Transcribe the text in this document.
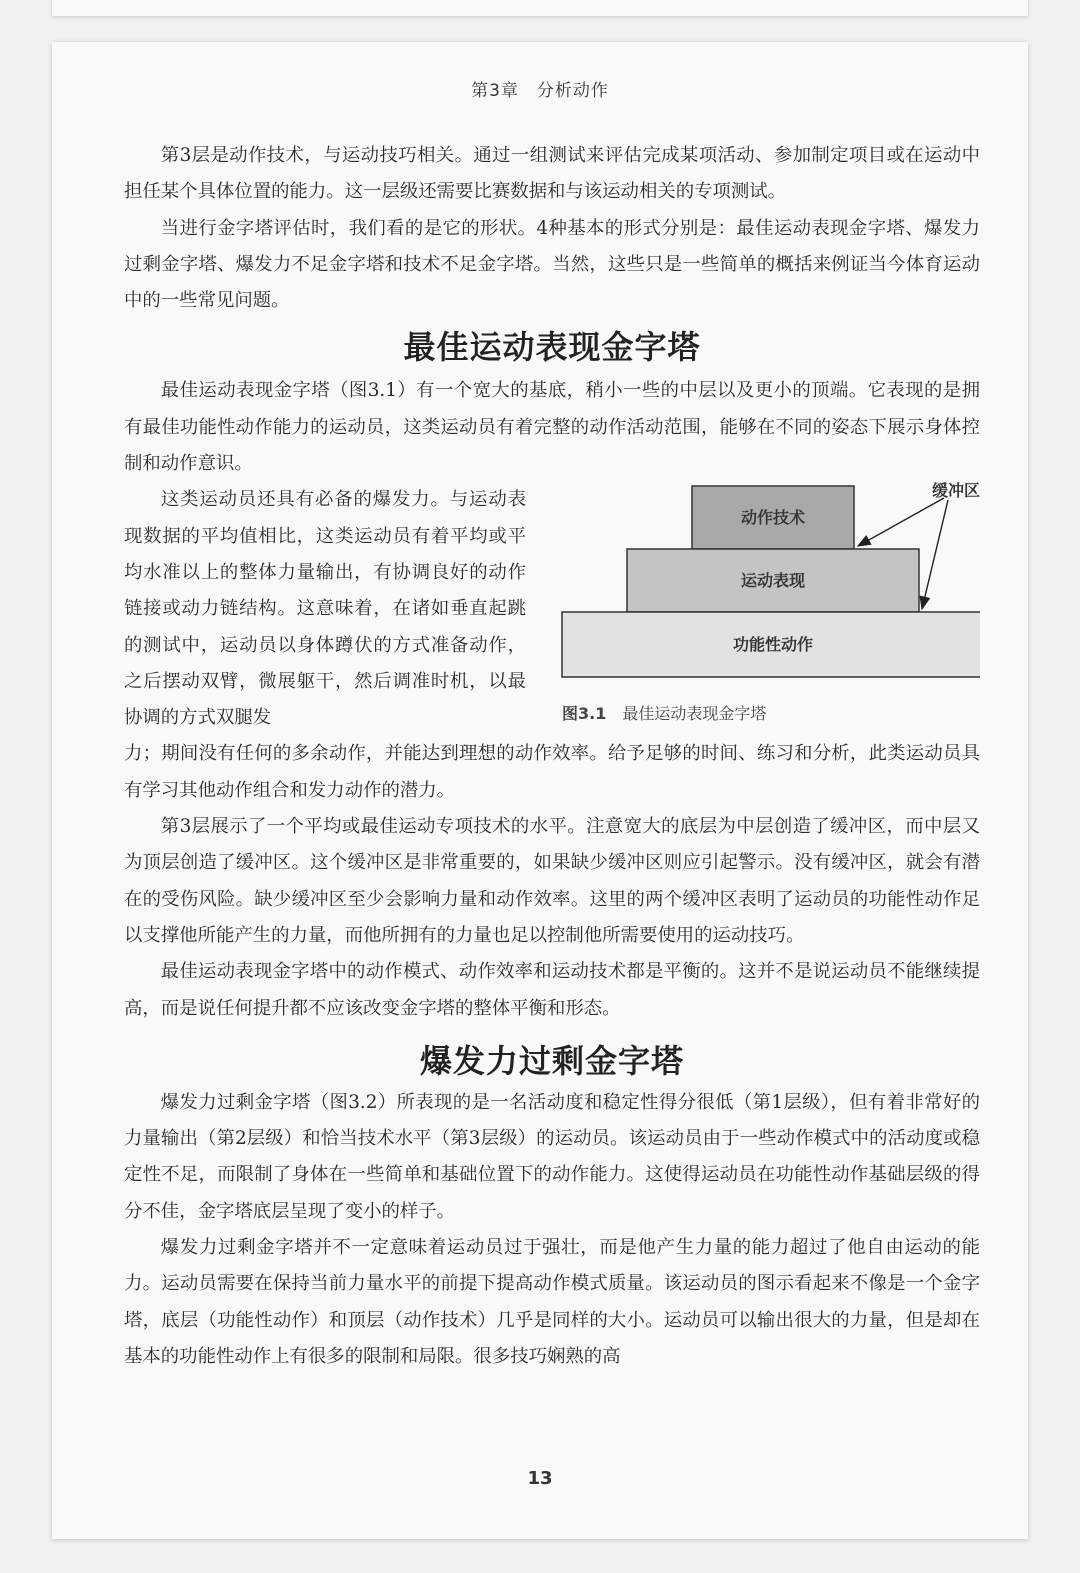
第3章　分析动作

第3层是动作技术，与运动技巧相关。通过一组测试来评估完成某项活动、参加制定项目或在运动中担任某个具体位置的能力。这一层级还需要比赛数据和与该运动相关的专项测试。

当进行金字塔评估时，我们看的是它的形状。4种基本的形式分别是：最佳运动表现金字塔、爆发力过剩金字塔、爆发力不足金字塔和技术不足金字塔。当然，这些只是一些简单的概括来例证当今体育运动中的一些常见问题。

最佳运动表现金字塔

最佳运动表现金字塔（图3.1）有一个宽大的基底，稍小一些的中层以及更小的顶端。它表现的是拥有最佳功能性动作能力的运动员，这类运动员有着完整的动作活动范围，能够在不同的姿态下展示身体控制和动作意识。

这类运动员还具有必备的爆发力。与运动表现数据的平均值相比，这类运动员有着平均或平均水准以上的整体力量输出，有协调良好的动作链接或动力链结构。这意味着，在诸如垂直起跳的测试中，运动员以身体蹲伏的方式准备动作，之后摆动双臂，微展躯干，然后调准时机，以最协调的方式双腿发

动作技术
运动表现
功能性动作
缓冲区
图3.1 最佳运动表现金字塔

力；期间没有任何的多余动作，并能达到理想的动作效率。给予足够的时间、练习和分析，此类运动员具有学习其他动作组合和发力动作的潜力。

第3层展示了一个平均或最佳运动专项技术的水平。注意宽大的底层为中层创造了缓冲区，而中层又为顶层创造了缓冲区。这个缓冲区是非常重要的，如果缺少缓冲区则应引起警示。没有缓冲区，就会有潜在的受伤风险。缺少缓冲区至少会影响力量和动作效率。这里的两个缓冲区表明了运动员的功能性动作足以支撑他所能产生的力量，而他所拥有的力量也足以控制他所需要使用的运动技巧。

最佳运动表现金字塔中的动作模式、动作效率和运动技术都是平衡的。这并不是说运动员不能继续提高，而是说任何提升都不应该改变金字塔的整体平衡和形态。

爆发力过剩金字塔

爆发力过剩金字塔（图3.2）所表现的是一名活动度和稳定性得分很低（第1层级），但有着非常好的力量输出（第2层级）和恰当技术水平（第3层级）的运动员。该运动员由于一些动作模式中的活动度或稳定性不足，而限制了身体在一些简单和基础位置下的动作能力。这使得运动员在功能性动作基础层级的得分不佳，金字塔底层呈现了变小的样子。

爆发力过剩金字塔并不一定意味着运动员过于强壮，而是他产生力量的能力超过了他自由运动的能力。运动员需要在保持当前力量水平的前提下提高动作模式质量。该运动员的图示看起来不像是一个金字塔，底层（功能性动作）和顶层（动作技术）几乎是同样的大小。运动员可以输出很大的力量，但是却在基本的功能性动作上有很多的限制和局限。很多技巧娴熟的高

13
